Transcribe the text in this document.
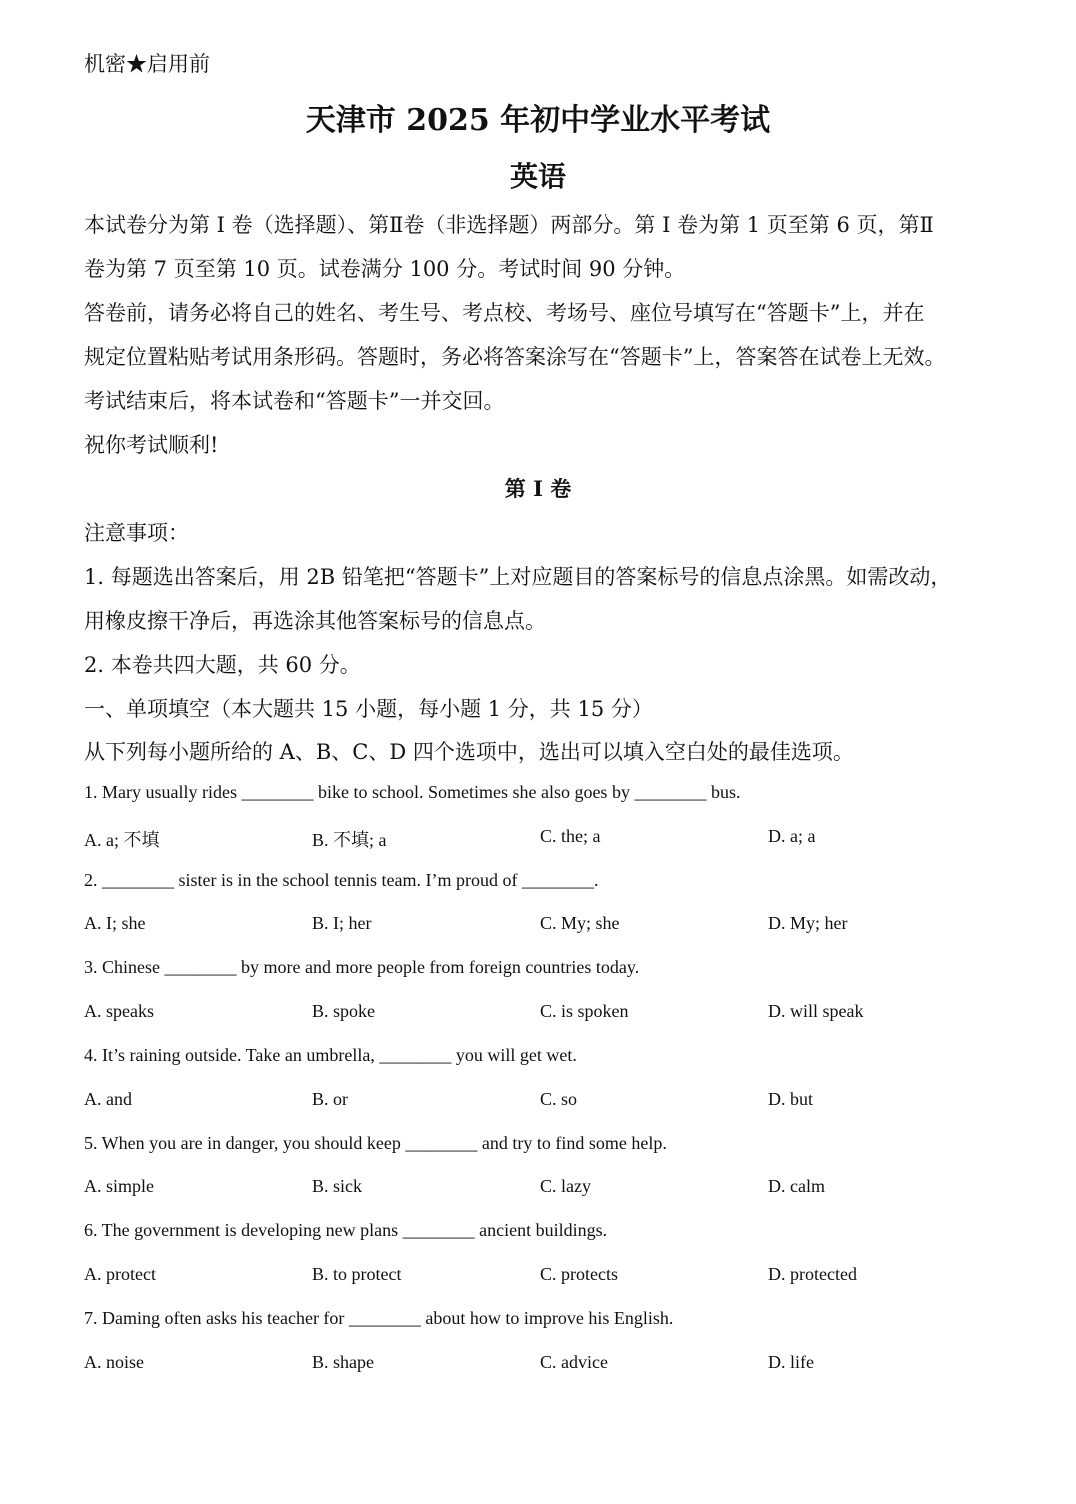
机密★启用前
天津市 2025 年初中学业水平考试
英语
本试卷分为第 I 卷（选择题）、第Ⅱ卷（非选择题）两部分。第 I 卷为第 1 页至第 6 页，第Ⅱ
卷为第 7 页至第 10 页。试卷满分 100 分。考试时间 90 分钟。
答卷前，请务必将自己的姓名、考生号、考点校、考场号、座位号填写在“答题卡”上，并在
规定位置粘贴考试用条形码。答题时，务必将答案涂写在“答题卡”上，答案答在试卷上无效。
考试结束后，将本试卷和“答题卡”一并交回。
祝你考试顺利!
第 I 卷
注意事项：
1. 每题选出答案后，用 2B 铅笔把“答题卡”上对应题目的答案标号的信息点涂黑。如需改动，
用橡皮擦干净后，再选涂其他答案标号的信息点。
2. 本卷共四大题，共 60 分。
一、单项填空（本大题共 15 小题，每小题 1 分，共 15 分）
从下列每小题所给的 A、B、C、D 四个选项中，选出可以填入空白处的最佳选项。
1. Mary usually rides ________ bike to school. Sometimes she also goes by ________ bus.
A. a; 不填	B. 不填; a	C. the; a	D. a; a
2. ________ sister is in the school tennis team. I’m proud of ________.
A. I; she	B. I; her	C. My; she	D. My; her
3. Chinese ________ by more and more people from foreign countries today.
A. speaks	B. spoke	C. is spoken	D. will speak
4. It’s raining outside. Take an umbrella, ________ you will get wet.
A. and	B. or	C. so	D. but
5. When you are in danger, you should keep ________ and try to find some help.
A. simple	B. sick	C. lazy	D. calm
6. The government is developing new plans ________ ancient buildings.
A. protect	B. to protect	C. protects	D. protected
7. Daming often asks his teacher for ________ about how to improve his English.
A. noise	B. shape	C. advice	D. life
